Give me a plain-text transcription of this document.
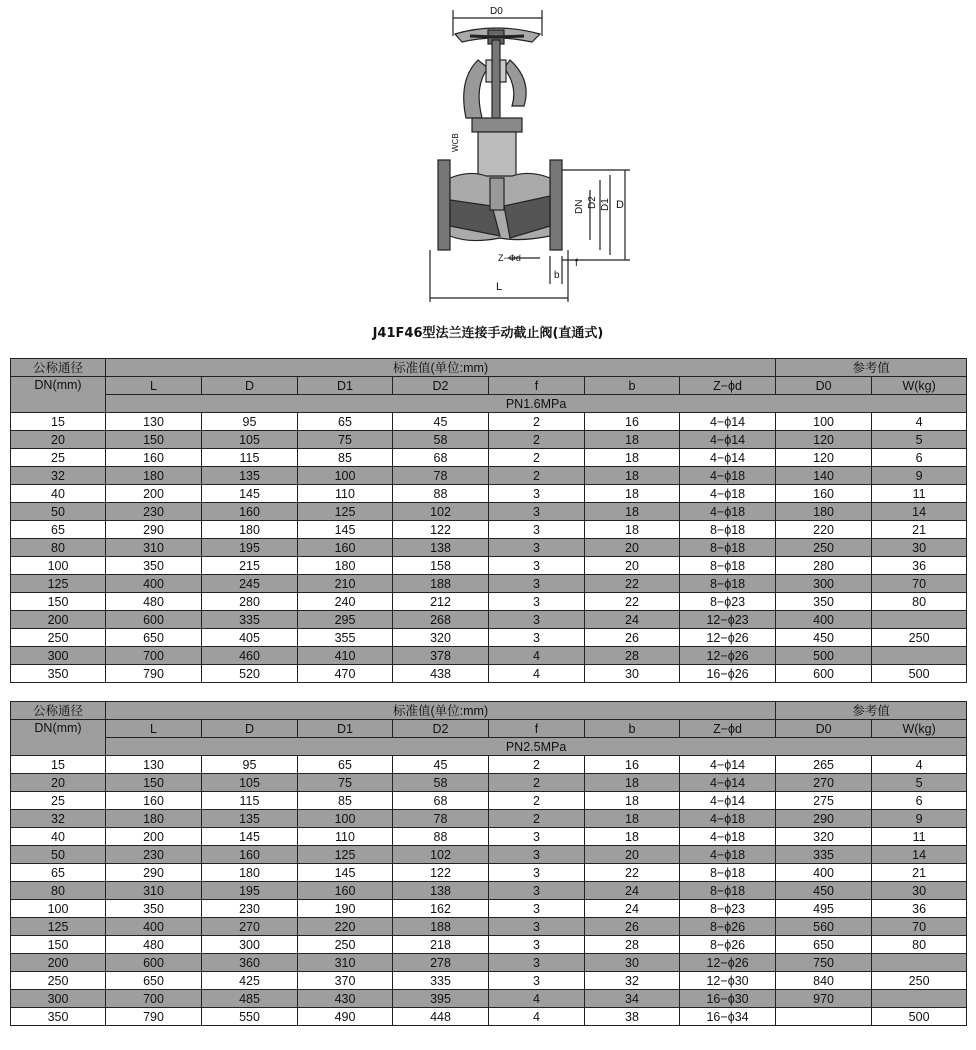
D0
WCB
DN D2 D1 D
L
b
f
Z−Φd
J41F46型法兰连接手动截止阀(直通式)
公称通径	标准值(单位:mm)							参考值	
DN(mm)	L	D	D1	D2	f	b	Z−ϕd	D0	W(kg)
	PN1.6MPa								
15	130	95	65	45	2	16	4−ϕ14	100	4
20	150	105	75	58	2	18	4−ϕ14	120	5
25	160	115	85	68	2	18	4−ϕ14	120	6
32	180	135	100	78	2	18	4−ϕ18	140	9
40	200	145	110	88	3	18	4−ϕ18	160	11
50	230	160	125	102	3	18	4−ϕ18	180	14
65	290	180	145	122	3	18	8−ϕ18	220	21
80	310	195	160	138	3	20	8−ϕ18	250	30
100	350	215	180	158	3	20	8−ϕ18	280	36
125	400	245	210	188	3	22	8−ϕ18	300	70
150	480	280	240	212	3	22	8−ϕ23	350	80
200	600	335	295	268	3	24	12−ϕ23	400	
250	650	405	355	320	3	26	12−ϕ26	450	250
300	700	460	410	378	4	28	12−ϕ26	500	
350	790	520	470	438	4	30	16−ϕ26	600	500
公称通径	标准值(单位:mm)							参考值	
DN(mm)	L	D	D1	D2	f	b	Z−ϕd	D0	W(kg)
	PN2.5MPa								
15	130	95	65	45	2	16	4−ϕ14	265	4
20	150	105	75	58	2	18	4−ϕ14	270	5
25	160	115	85	68	2	18	4−ϕ14	275	6
32	180	135	100	78	2	18	4−ϕ18	290	9
40	200	145	110	88	3	18	4−ϕ18	320	11
50	230	160	125	102	3	20	4−ϕ18	335	14
65	290	180	145	122	3	22	8−ϕ18	400	21
80	310	195	160	138	3	24	8−ϕ18	450	30
100	350	230	190	162	3	24	8−ϕ23	495	36
125	400	270	220	188	3	26	8−ϕ26	560	70
150	480	300	250	218	3	28	8−ϕ26	650	80
200	600	360	310	278	3	30	12−ϕ26	750	
250	650	425	370	335	3	32	12−ϕ30	840	250
300	700	485	430	395	4	34	16−ϕ30	970	
350	790	550	490	448	4	38	16−ϕ34		500
